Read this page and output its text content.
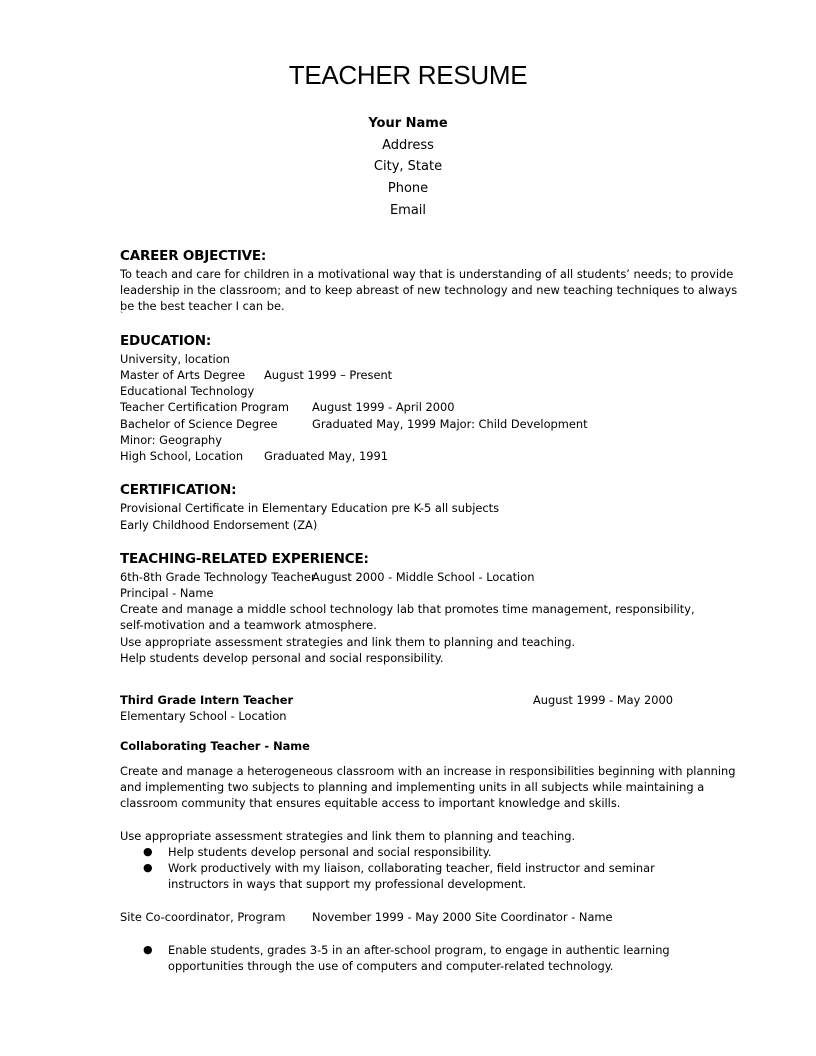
TEACHER RESUME
Your Name
Address
City, State
Phone
Email
CAREER OBJECTIVE:
To teach and care for children in a motivational way that is understanding of all students’ needs; to provide
leadership in the classroom; and to keep abreast of new technology and new teaching techniques to always
be the best teacher I can be.
`
EDUCATION:
University, location
Master of Arts Degree August 1999 – Present
Educational Technology
Teacher Certification Program August 1999 - April 2000
Bachelor of Science Degree	Graduated May, 1999 Major: Child Development
Minor: Geography
High School, Location Graduated May, 1991
CERTIFICATION:
Provisional Certificate in Elementary Education pre K-5 all subjects
Early Childhood Endorsement (ZA)
TEACHING-RELATED EXPERIENCE:
6th-8th Grade Technology Teacher
August 2000 - Middle School - Location
Principal - Name
Create and manage a middle school technology lab that promotes time management, responsibility,
self-motivation and a teamwork atmosphere.
Use appropriate assessment strategies and link them to planning and teaching.
Help students develop personal and social responsibility.
Third Grade Intern Teacher	August 1999 - May 2000
Elementary School - Location
Collaborating Teacher - Name
Create and manage a heterogeneous classroom with an increase in responsibilities beginning with planning
and implementing two subjects to planning and implementing units in all subjects while maintaining a
classroom community that ensures equitable access to important knowledge and skills.
Use appropriate assessment strategies and link them to planning and teaching.
● Help students develop personal and social responsibility.
● Work productively with my liaison, collaborating teacher, field instructor and seminar instructors in ways that support my professional development.
Site Co-coordinator, Program November 1999 - May 2000 Site Coordinator - Name
● Enable students, grades 3-5 in an after-school program, to engage in authentic learning opportunities through the use of computers and computer-related technology.
